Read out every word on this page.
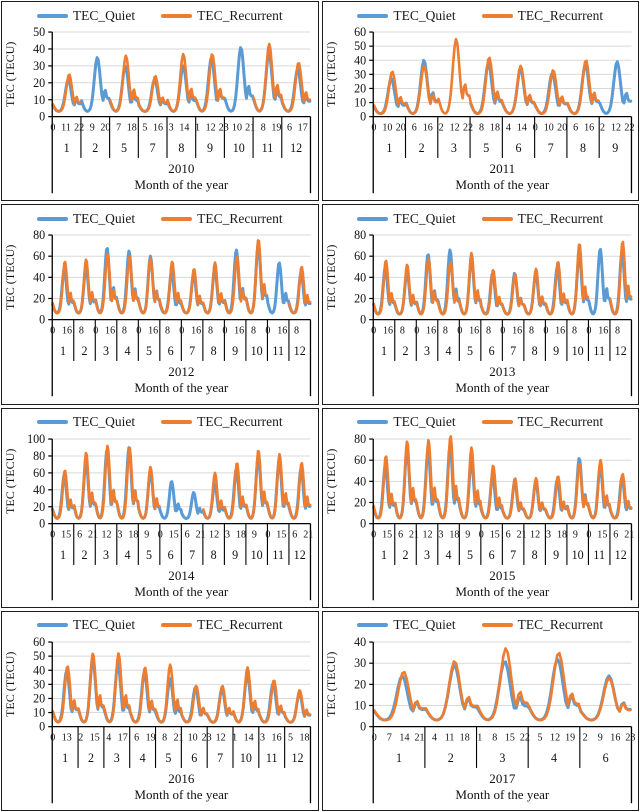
TEC_Quiet	TEC_Recurrent
0
10
20
30
40
50
0 11 22 9 20 7 18 5 16 3 14 1 12 23 10 21 8 19 6 17
1 2 5 7 8 9 10 11 12
2010
Month of the year
TEC (TECU)
TEC_Quiet	TEC_Recurrent
0
10
20
30
40
50
60
0 10 20 6 16 2 12 22 8 18 4 14 0 10 20 6 16 2 12 22
1 2 3 5 6 7 8 9
2011
Month of the year
TEC (TECU)
TEC_Quiet	TEC_Recurrent
0
20
40
60
80
0 16 8 0 16 8 0 16 8 0 16 8 0 16 8 0 16 8
1 2 3 4 5 6 7 8 9 10 11 12
2012
Month of the year
TEC (TECU)
TEC_Quiet	TEC_Recurrent
0
20
40
60
80
0 16 8 0 16 8 0 16 8 0 16 8 0 16 8 0 16 8
1 2 3 4 5 6 7 8 9 10 11 12
2013
Month of the year
TEC (TECU)
TEC_Quiet	TEC_Recurrent
0
20
40
60
80
100
0 15 6 21 12 3 18 9 0 15 6 21 12 3 18 9 0 15 6 21
1 2 3 4 5 6 7 8 9 10 11 12
2014
Month of the year
TEC (TECU)
TEC_Quiet	TEC_Recurrent
0
20
40
60
80
0 15 6 21 12 3 18 9 0 15 6 21 12 3 18 9 0 15 6 21
1 2 3 4 5 6 7 8 9 10 11 12
2015
Month of the year
TEC (TECU)
TEC_Quiet	TEC_Recurrent
0
10
20
30
40
50
60
0 13 2 15 4 17 6 19 8 21 10 23 12 1 14 3 16 5 18
1 2 3 4 5 6 7 10 11 12
2016
Month of the year
TEC (TECU)
TEC_Quiet	TEC_Recurrent
0
10
20
30
40
0 7 14 21 4 11 18 1 8 15 22 5 12 19 2 9 16 23
1	2	3	4	6
2017
Month of the year
TEC (TECU)
